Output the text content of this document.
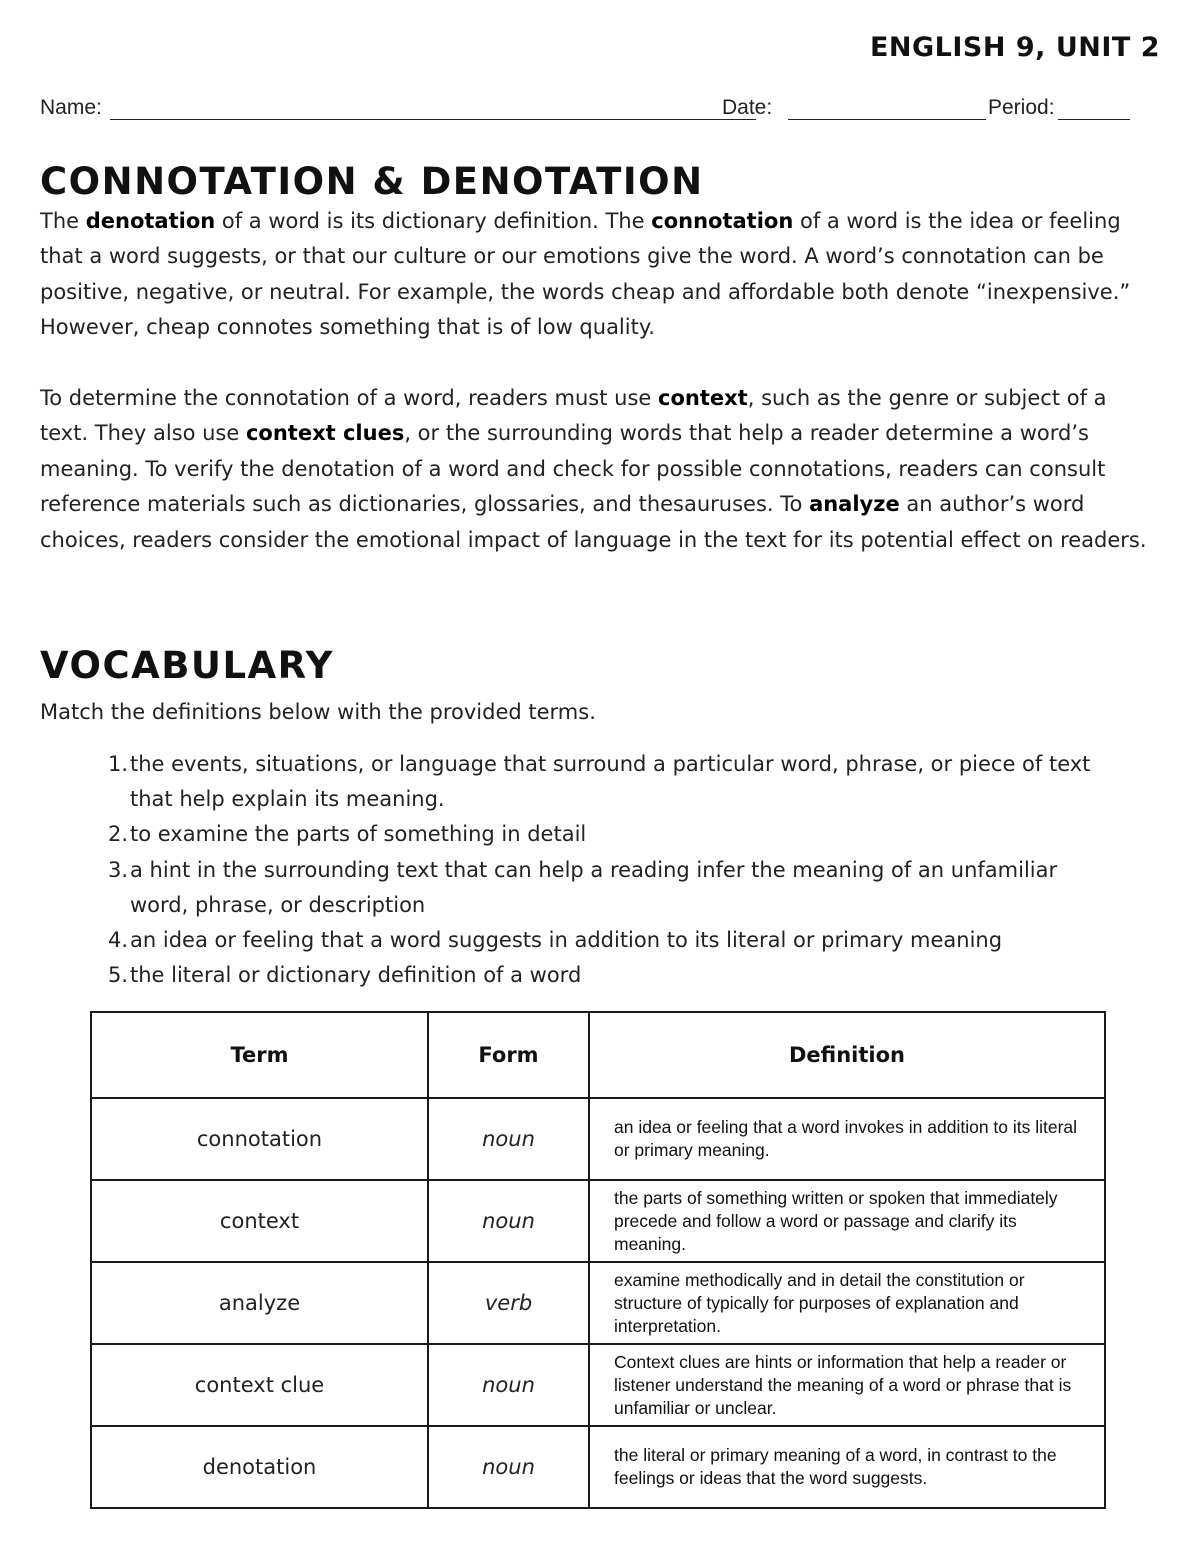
ENGLISH 9, UNIT 2
Name:	Date:	Period:
CONNOTATION & DENOTATION

The denotation of a word is its dictionary definition. The connotation of a word is the idea or feeling that a word suggests, or that our culture or our emotions give the word. A word’s connotation can be positive, negative, or neutral. For example, the words cheap and affordable both denote “inexpensive.” However, cheap connotes something that is of low quality.

To determine the connotation of a word, readers must use context, such as the genre or subject of a text. They also use context clues, or the surrounding words that help a reader determine a word’s meaning. To verify the denotation of a word and check for possible connotations, readers can consult reference materials such as dictionaries, glossaries, and thesauruses. To analyze an author’s word choices, readers consider the emotional impact of language in the text for its potential effect on readers.

VOCABULARY

Match the definitions below with the provided terms.

1. the events, situations, or language that surround a particular word, phrase, or piece of text that help explain its meaning.
2. to examine the parts of something in detail
3. a hint in the surrounding text that can help a reading infer the meaning of an unfamiliar word, phrase, or description
4. an idea or feeling that a word suggests in addition to its literal or primary meaning
5. the literal or dictionary definition of a word
Term	Form	Definition
connotation	noun	an idea or feeling that a word invokes in addition to its literal or primary meaning.
context	noun	the parts of something written or spoken that immediately precede and follow a word or passage and clarify its meaning.
analyze	verb	examine methodically and in detail the constitution or structure of typically for purposes of explanation and interpretation.
context clue	noun	Context clues are hints or information that help a reader or listener understand the meaning of a word or phrase that is unfamiliar or unclear.
denotation	noun	the literal or primary meaning of a word, in contrast to the feelings or ideas that the word suggests.
